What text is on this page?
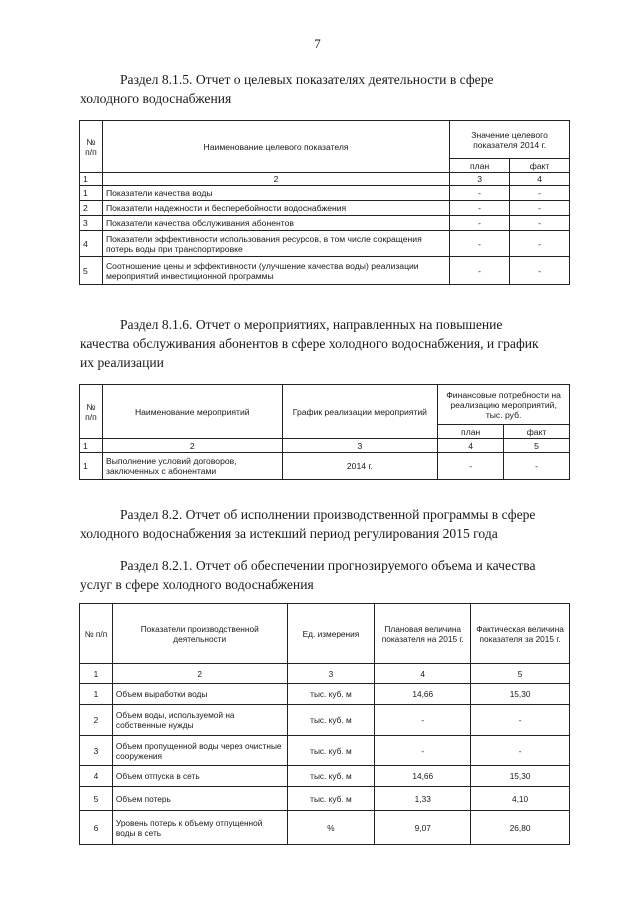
7
Раздел 8.1.5. Отчет о целевых показателях деятельности в сфере
холодного водоснабжения
№ п/п	Наименование целевого показателя	Значение целевого показателя 2014 г.	
		план	факт
1	2	3	4
1	Показатели качества воды	-	-
2	Показатели надежности и бесперебойности водоснабжения	-	-
3	Показатели качества обслуживания абонентов	-	-
4	Показатели эффективности использования ресурсов, в том числе сокращения потерь воды при транспортировке	-	-
5	Соотношение цены и эффективности (улучшение качества воды) реализации мероприятий инвестиционной программы	-	-
Раздел 8.1.6. Отчет о мероприятиях, направленных на повышение
качества обслуживания абонентов в сфере холодного водоснабжения, и график
их реализации
№ п/п	Наименование мероприятий	График реализации мероприятий	Финансовые потребности на реализацию мероприятий, тыс. руб.	
			план	факт
1	2	3	4	5
1	Выполнение условий договоров, заключенных с абонентами	2014 г.	-	-
Раздел 8.2. Отчет об исполнении производственной программы в сфере
холодного водоснабжения за истекший период регулирования 2015 года
Раздел 8.2.1. Отчет об обеспечении прогнозируемого объема и качества
услуг в сфере холодного водоснабжения
№ п/п	Показатели производственной деятельности	Ед. измерения	Плановая величина показателя на 2015 г.	Фактическая величина показателя за 2015 г.
1	2	3	4	5
1	Объем выработки воды	тыс. куб. м	14,66	15,30
2	Объем воды, используемой на собственные нужды	тыс. куб. м	-	-
3	Объем пропущенной воды через очистные сооружения	тыс. куб. м	-	-
4	Объем отпуска в сеть	тыс. куб. м	14,66	15,30
5	Объем потерь	тыс. куб. м	1,33	4,10
6	Уровень потерь к объему отпущенной воды в сеть	%	9,07	26,80
